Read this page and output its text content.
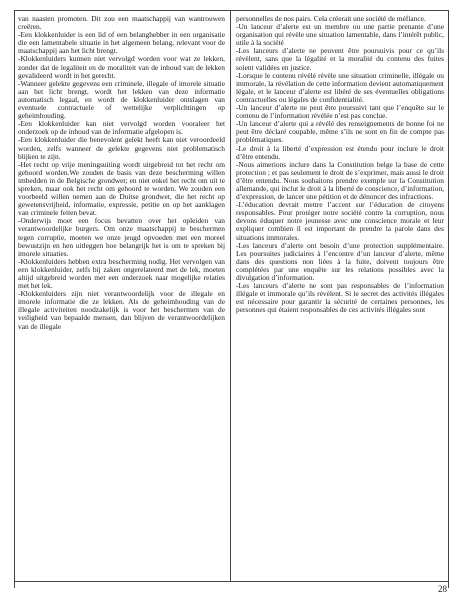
van naasten promoten. Dit zou een maatschappij van wantrouwen creëren.

-Een klokkenluider is een lid of een belanghebber in een organisatie die een lamentabele situatie in het algemeen belang, relevant voor de maatschappij aan het licht brengt.

-Klokkenluiders kunnen niet vervolgd worden voor wat ze lekken, zonder dat de legaliteit en de moraliteit van de inhoud van de lekken gevalideerd wordt in het gerecht.

-Wanneer gelekte gegevens een criminele, illegale of imorele situatie aan het licht brengt, wordt het lekken van deze informatie automatisch legaal, en wordt de klokkenluider ontslagen van eventuele contractuele of wettelijke verplichtingen op geheimhouding.

-Een klokkenluider kan niet vervolgd worden vooraleer het onderzoek op de inhoud van de informatie afgelopen is.

-Een klokkenluider die benevolent gelekt heeft kan niet veroordeeld worden, zelfs wanneer de gelekte gegevens niet problematisch blijken te zijn.

-Het recht op vrije meningsuiting wordt uitgebreid tot het recht om gehoord worden.We zouden de basis van deze bescherming willen imbedden in de Belgische grondwet; en niet enkel het recht om uit te spreken, maar ook het recht om gehoord te worden. We zouden een voorbeeld willen nemen aan de Duitse grondwet, die het recht op gewetensvrijheid, informatie, expressie, petitie en op het aanklagen van criminele feiten bevat.

-Onderwijs moet een focus bevatten over het opleiden van verantwoordelijke burgers. Om onze maatschappij te beschermen tegen corruptie, moeten we onze jeugd opvoeden met een moreel bewustzijn en hen uitleggen hoe belangrijk het is om te spreken bij imorele situaties.

-Klokkenluiders hebben extra bescherming nodig. Het vervolgen van een klokkenluider, zelfs bij zaken ongerelateerd met de lek, moeten altijd uitgebreid worden met een onderzoek naar mogelijke relaties met het lek.

-Klokkenluiders zijn niet verantwoordelijk voor de illegale en imorele informatie die ze lekken. Als de geheimhouding van de illegale activiteiten noodzakelijk is voor het beschermen van de veiligheid van bepaalde mensen, dan blijven de verantwoordelijken van de illegale

personnelles de nos pairs. Cela créerait une société de méfiance.

-Un lanceur d’alerte est un membre ou une partie prenante d’une organisation qui révèle une situation lamentable, dans l’intérêt public, utile à la société

-Les lanceurs d’alerte ne peuvent être poursuivis pour ce qu’ils révèlent, sans que la légalité et la moralité du contenu des fuites soient validées en justice.

-Lorsque le contenu révélé révèle une situation criminelle, illégale ou immorale, la révélation de cette information devient automatiquement légale, et le lanceur d’alerte est libéré de ses éventuelles obligations contractuelles ou légales de confidentialité.

-Un lanceur d’alerte ne peut être poursuivi tant que l’enquête sur le contenu de l’information révélée n’est pas conclue.

-Un lanceur d’alerte qui a révélé des renseignements de bonne foi ne peut être déclaré coupable, même s’ils ne sont en fin de compte pas problématiques.

-Le droit à la liberté d’expression est étendu pour inclure le droit d’être entendu.

-Nous aimerions inclure dans la Constitution belge la base de cette protection ; et pas seulement le droit de s’exprimer, mais aussi le droit d’être entendu. Nous souhaitons prendre exemple sur la Constitution allemande, qui inclut le droit à la liberté de conscience, d’information, d’expression, de lancer une pétition et de dénoncer des infractions.

-L’éducation devrait mettre l’accent sur l’éducation de citoyens responsables. Pour protéger notre société contre la corruption, nous devons éduquer notre jeunesse avec une conscience morale et leur expliquer combien il est important de prendre la parole dans des situations immorales.

-Les lanceurs d’alerte ont besoin d’une protection supplémentaire. Les poursuites judiciaires à l’encontre d’un lanceur d’alerte, même dans des questions non liées à la fuite, doivent toujours être complétées par une enquête sur les relations possibles avec la divulgation d’information.

-Les lanceurs d’alerte ne sont pas responsables de l’information illégale et immorale qu’ils révèlent. Si le secret des activités illégales est nécessaire pour garantir la sécurité de certaines personnes, les personnes qui étaient responsables de ces activités illégales sont

28
